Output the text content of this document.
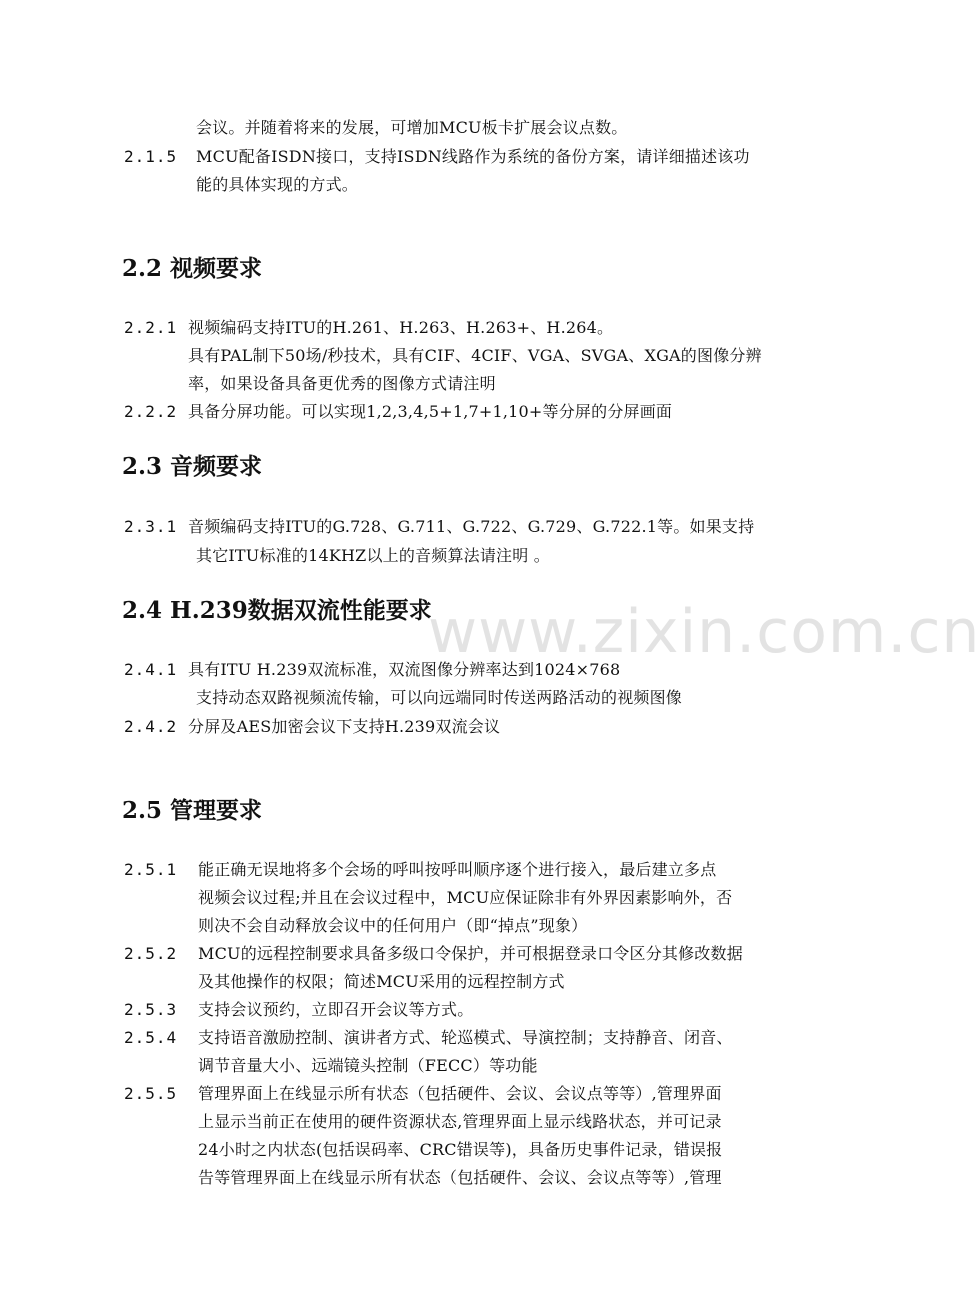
www.zixin.com.cn
会议。并随着将来的发展，可增加MCU板卡扩展会议点数。
2.1.5 MCU配备ISDN接口，支持ISDN线路作为系统的备份方案，请详细描述该功
能的具体实现的方式。
2.2 视频要求
2.2.1 视频编码支持ITU的H.261、H.263、H.263+、H.264。
具有PAL制下50场/秒技术，具有CIF、4CIF、VGA、SVGA、XGA的图像分辨
率，如果设备具备更优秀的图像方式请注明
2.2.2 具备分屏功能。可以实现1,2,3,4,5+1,7+1,10+等分屏的分屏画面
2.3 音频要求
2.3.1 音频编码支持ITU的G.728、G.711、G.722、G.729、G.722.1等。如果支持
其它ITU标准的14KHZ以上的音频算法请注明 。
2.4 H.239数据双流性能要求
2.4.1 具有ITU H.239双流标准，双流图像分辨率达到1024×768
支持动态双路视频流传输，可以向远端同时传送两路活动的视频图像
2.4.2 分屏及AES加密会议下支持H.239双流会议
2.5 管理要求
2.5.1 能正确无误地将多个会场的呼叫按呼叫顺序逐个进行接入，最后建立多点
视频会议过程;并且在会议过程中，MCU应保证除非有外界因素影响外，否
则决不会自动释放会议中的任何用户（即“掉点”现象）
2.5.2 MCU的远程控制要求具备多级口令保护，并可根据登录口令区分其修改数据
及其他操作的权限；简述MCU采用的远程控制方式
2.5.3 支持会议预约，立即召开会议等方式。
2.5.4 支持语音激励控制、演讲者方式、轮巡模式、导演控制；支持静音、闭音、
调节音量大小、远端镜头控制（FECC）等功能
2.5.5 管理界面上在线显示所有状态（包括硬件、会议、会议点等等）,管理界面
上显示当前正在使用的硬件资源状态,管理界面上显示线路状态，并可记录
24小时之内状态(包括误码率、CRC错误等)，具备历史事件记录，错误报
告等管理界面上在线显示所有状态（包括硬件、会议、会议点等等）,管理
